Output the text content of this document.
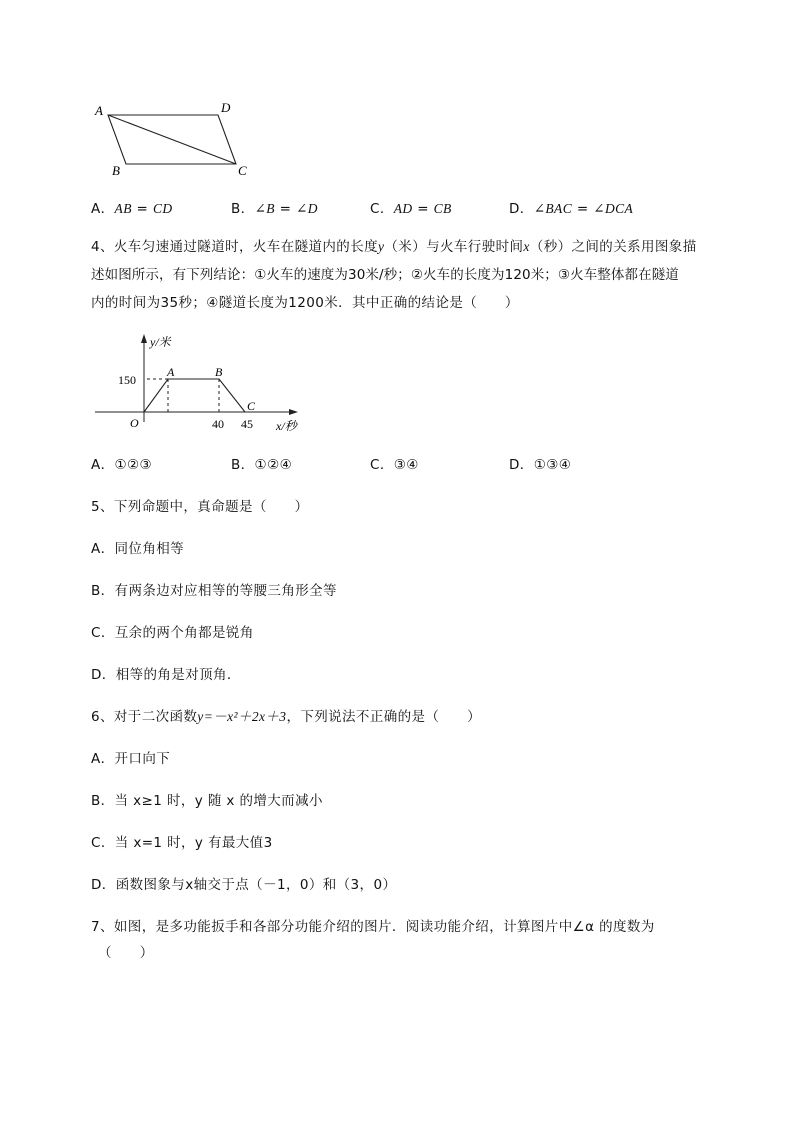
A	D
B	C
A．AB = CD	B．∠B = ∠D	C．AD = CB	D．∠BAC = ∠DCA
4、火车匀速通过隧道时，火车在隧道内的长度y（米）与火车行驶时间x（秒）之间的关系用图象描
述如图所示，有下列结论：①火车的速度为30米/秒；②火车的长度为120米；③火车整体都在隧道
内的时间为35秒；④隧道长度为1200米．其中正确的结论是（　　）
y/米
x/秒
150
40 45
O
A	B
C
A．①②③	B．①②④	C．③④	D．①③④
5、下列命题中，真命题是（　　）
A．同位角相等
B．有两条边对应相等的等腰三角形全等
C．互余的两个角都是锐角
D．相等的角是对顶角．
6、对于二次函数y=－x²＋2x＋3，下列说法不正确的是（　　）
A．开口向下
B．当 x≥1 时，y 随 x 的增大而减小
C．当 x=1 时，y 有最大值3
D．函数图象与x轴交于点（－1，0）和（3，0）
7、如图，是多功能扳手和各部分功能介绍的图片．阅读功能介绍，计算图片中∠α 的度数为
（　　）
